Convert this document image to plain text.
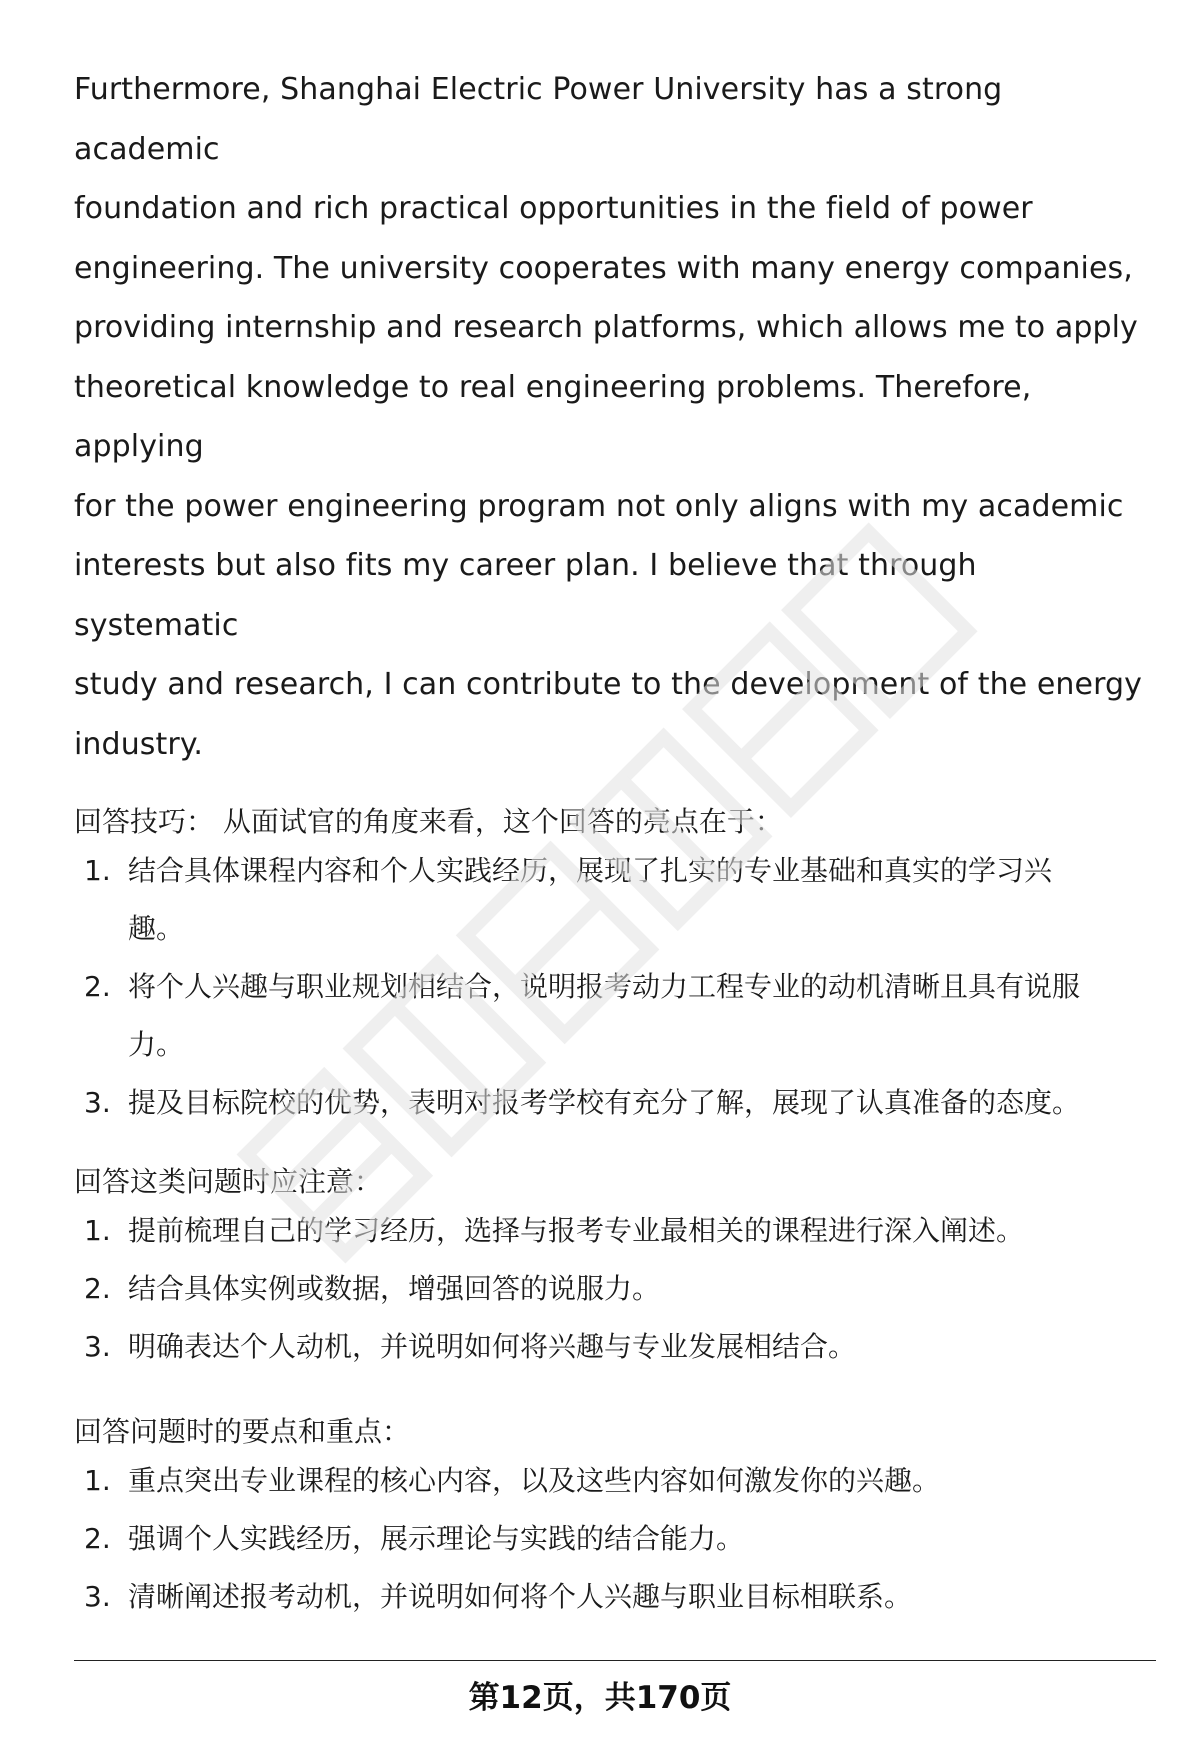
Furthermore, Shanghai Electric Power University has a strong academic
foundation and rich practical opportunities in the field of power
engineering. The university cooperates with many energy companies,
providing internship and research platforms, which allows me to apply
theoretical knowledge to real engineering problems. Therefore, applying
for the power engineering program not only aligns with my academic
interests but also fits my career plan. I believe that through systematic
study and research, I can contribute to the development of the energy
industry.

回答技巧： 从面试官的角度来看，这个回答的亮点在于：

1. 结合具体课程内容和个人实践经历，展现了扎实的专业基础和真实的学习兴
趣。
2. 将个人兴趣与职业规划相结合，说明报考动力工程专业的动机清晰且具有说服
力。
3. 提及目标院校的优势，表明对报考学校有充分了解，展现了认真准备的态度。

回答这类问题时应注意：

1. 提前梳理自己的学习经历，选择与报考专业最相关的课程进行深入阐述。
2. 结合具体实例或数据，增强回答的说服力。
3. 明确表达个人动机，并说明如何将兴趣与专业发展相结合。

回答问题时的要点和重点：

1. 重点突出专业课程的核心内容，以及这些内容如何激发你的兴趣。
2. 强调个人实践经历，展示理论与实践的结合能力。
3. 清晰阐述报考动机，并说明如何将个人兴趣与职业目标相联系。
第12页，共170页
